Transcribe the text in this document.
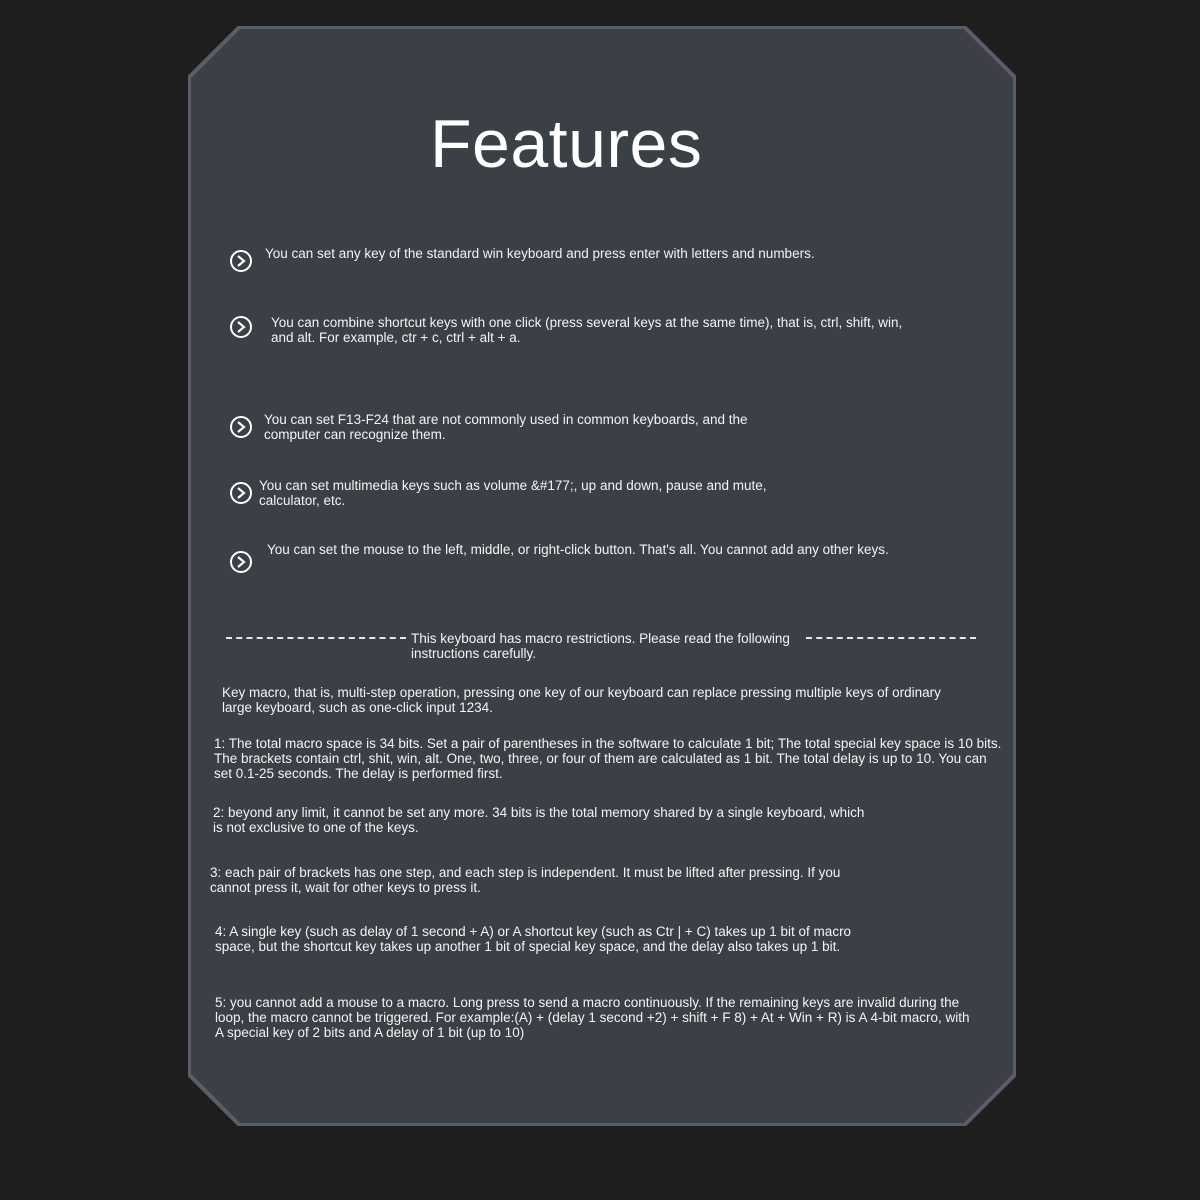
Features
You can set any key of the standard win keyboard and press enter with letters and numbers.
You can combine shortcut keys with one click (press several keys at the same time), that is, ctrl, shift, win, and alt. For example, ctr + c, ctrl + alt + a.
You can set F13-F24 that are not commonly used in common keyboards, and the computer can recognize them.
You can set multimedia keys such as volume &#177;, up and down, pause and mute, calculator, etc.
You can set the mouse to the left, middle, or right-click button. That's all. You cannot add any other keys.
This keyboard has macro restrictions. Please read the following instructions carefully.
Key macro, that is, multi-step operation, pressing one key of our keyboard can replace pressing multiple keys of ordinary large keyboard, such as one-click input 1234.
1: The total macro space is 34 bits. Set a pair of parentheses in the software to calculate 1 bit; The total special key space is 10 bits. The brackets contain ctrl, shit, win, alt. One, two, three, or four of them are calculated as 1 bit. The total delay is up to 10. You can set 0.1-25 seconds. The delay is performed first.
2: beyond any limit, it cannot be set any more. 34 bits is the total memory shared by a single keyboard, which is not exclusive to one of the keys.
3: each pair of brackets has one step, and each step is independent. It must be lifted after pressing. If you cannot press it, wait for other keys to press it.
4: A single key (such as delay of 1 second + A) or A shortcut key (such as Ctr | + C) takes up 1 bit of macro space, but the shortcut key takes up another 1 bit of special key space, and the delay also takes up 1 bit.
5: you cannot add a mouse to a macro. Long press to send a macro continuously. If the remaining keys are invalid during the loop, the macro cannot be triggered. For example:(A) + (delay 1 second +2) + shift + F 8) + At + Win + R) is A 4-bit macro, with A special key of 2 bits and A delay of 1 bit (up to 10)
